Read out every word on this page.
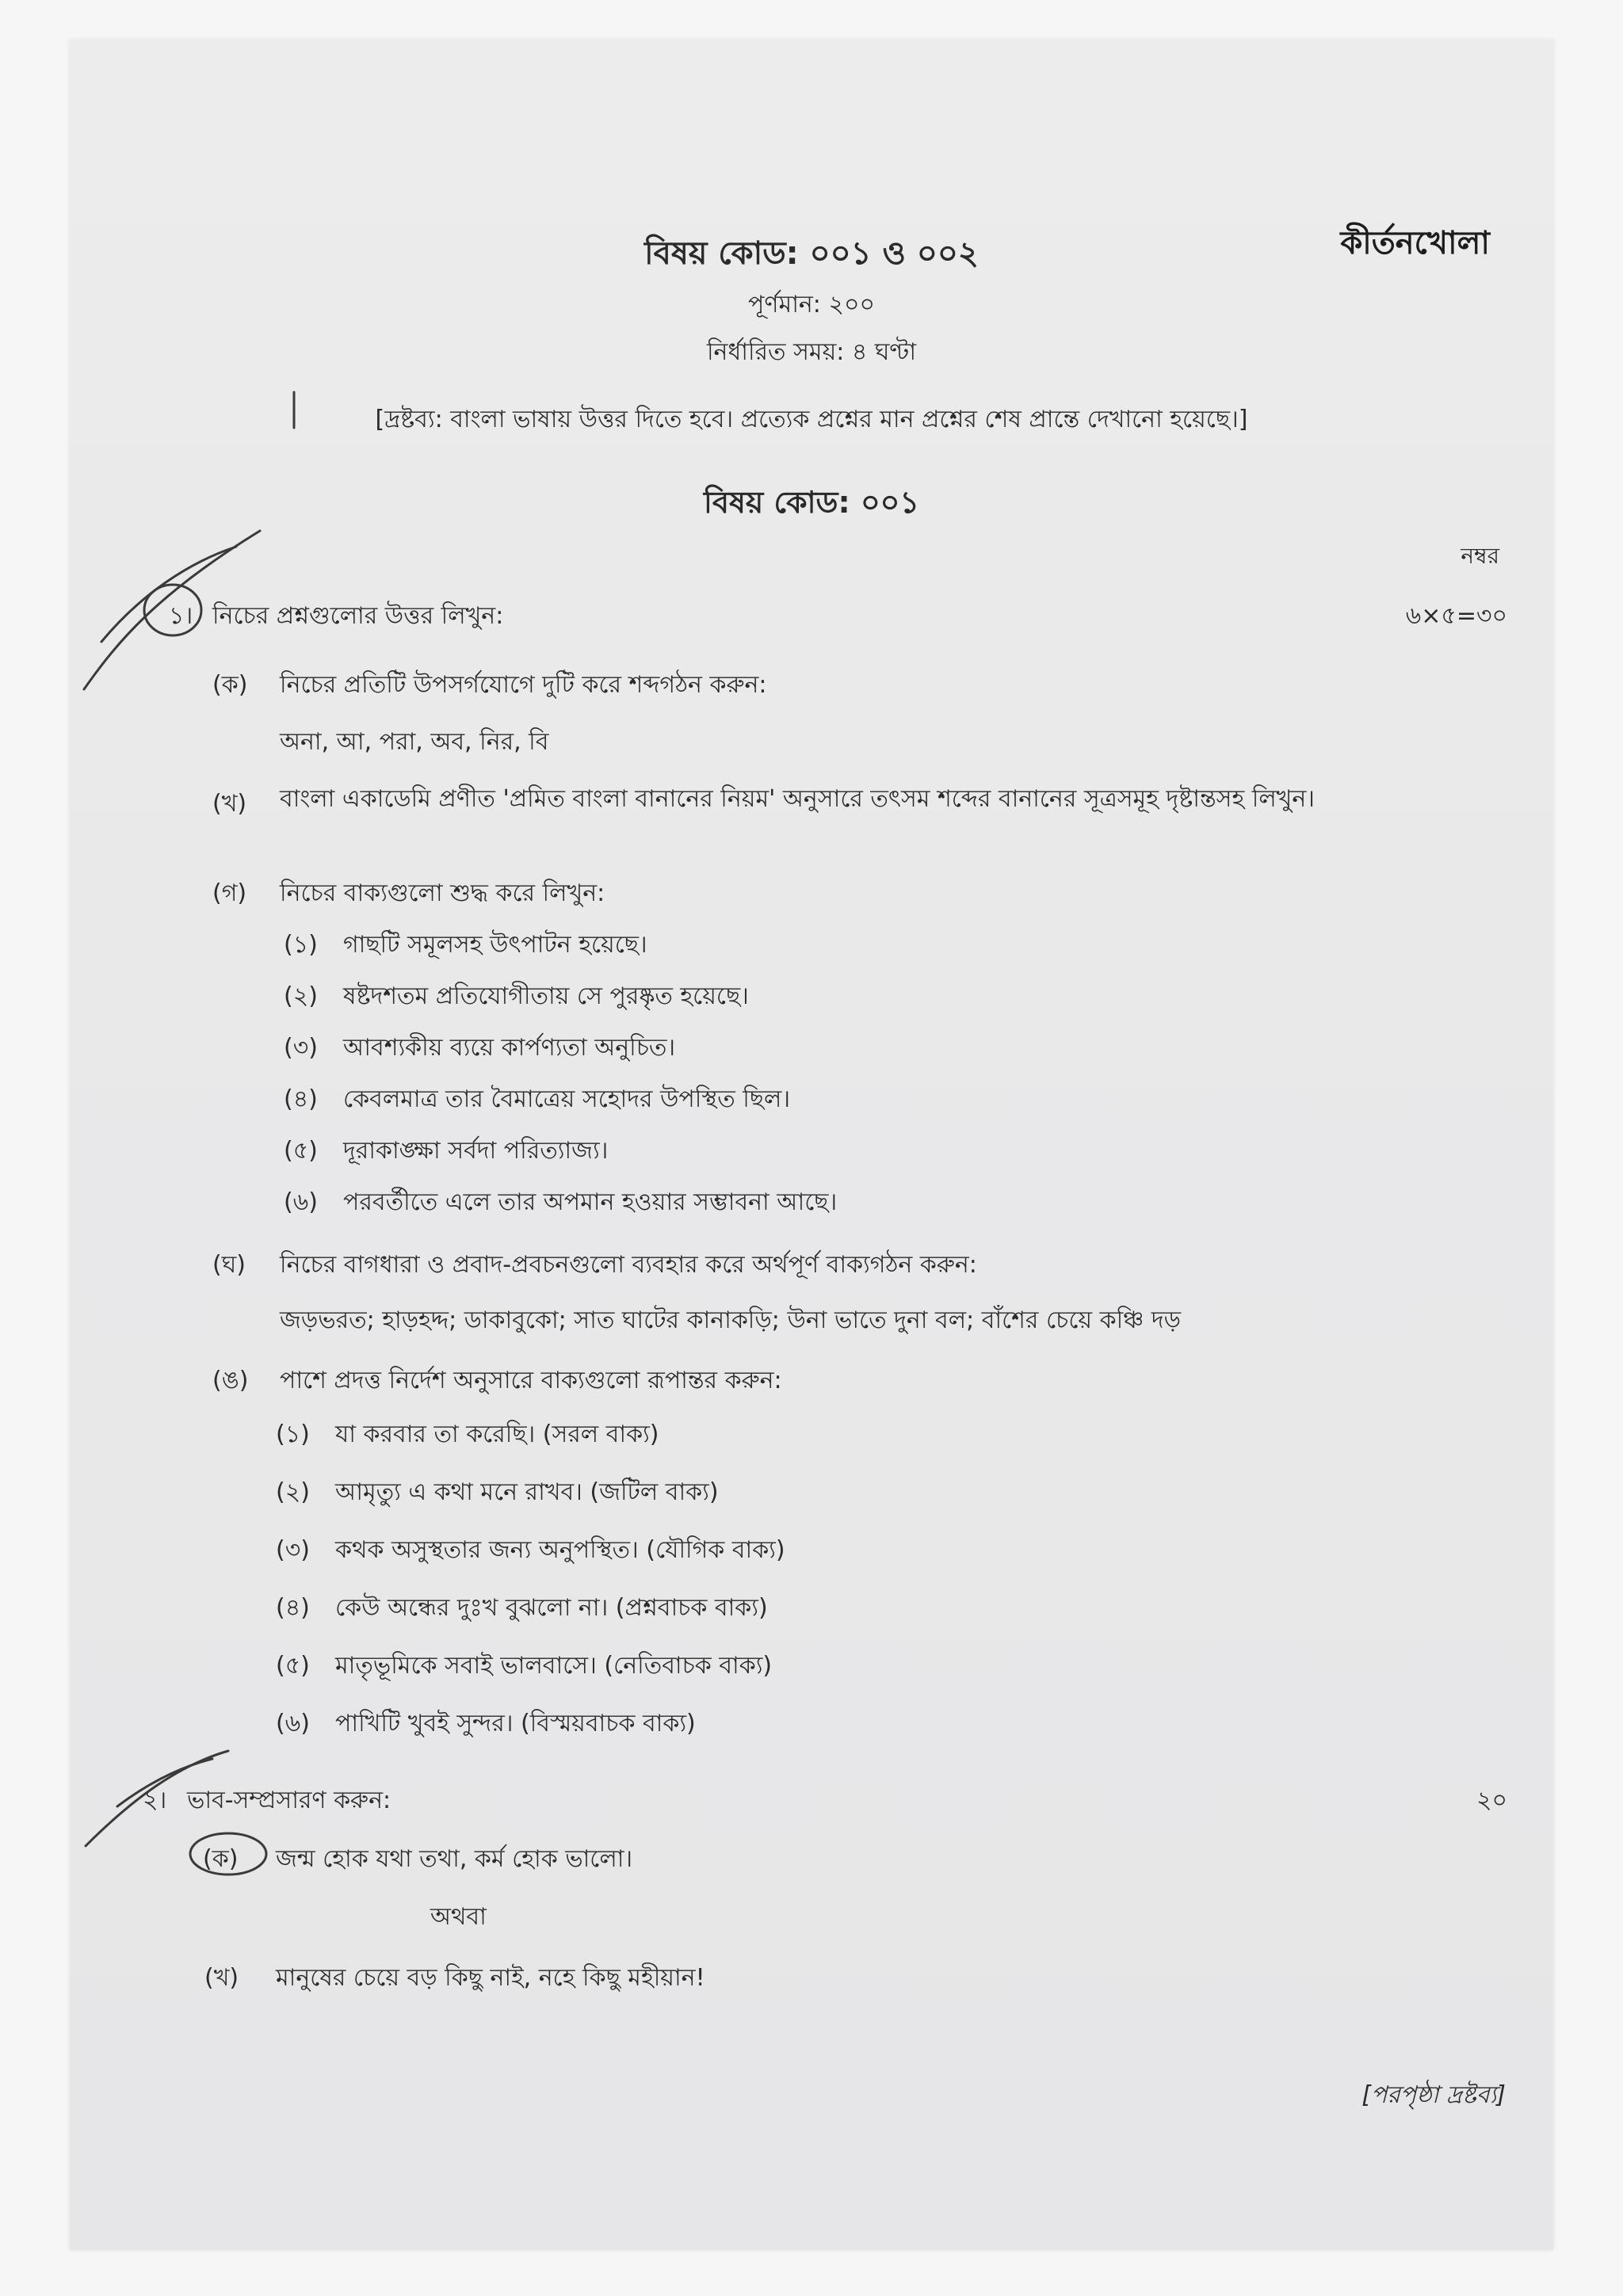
কীর্তনখোলা
বিষয় কোড: ০০১ ও ০০২
পূর্ণমান: ২০০
নির্ধারিত সময়: ৪ ঘণ্টা
[দ্রষ্টব্য: বাংলা ভাষায় উত্তর দিতে হবে। প্রত্যেক প্রশ্নের মান প্রশ্নের শেষ প্রান্তে দেখানো হয়েছে।]
বিষয় কোড: ০০১
নম্বর
১। নিচের প্রশ্নগুলোর উত্তর লিখুন:	৬×৫=৩০
(ক) নিচের প্রতিটি উপসর্গযোগে দুটি করে শব্দগঠন করুন:
অনা, আ, পরা, অব, নির, বি
(খ) বাংলা একাডেমি প্রণীত 'প্রমিত বাংলা বানানের নিয়ম' অনুসারে তৎসম শব্দের বানানের সূত্রসমূহ দৃষ্টান্তসহ লিখুন।
(গ) নিচের বাক্যগুলো শুদ্ধ করে লিখুন:
(১) গাছটি সমূলসহ উৎপাটন হয়েছে।
(২) ষষ্টদশতম প্রতিযোগীতায় সে পুরষ্কৃত হয়েছে।
(৩) আবশ্যকীয় ব্যয়ে কার্পণ্যতা অনুচিত।
(৪) কেবলমাত্র তার বৈমাত্রেয় সহোদর উপস্থিত ছিল।
(৫) দূরাকাঙ্ক্ষা সর্বদা পরিত্যাজ্য।
(৬) পরবর্তীতে এলে তার অপমান হওয়ার সম্ভাবনা আছে।
(ঘ) নিচের বাগধারা ও প্রবাদ-প্রবচনগুলো ব্যবহার করে অর্থপূর্ণ বাক্যগঠন করুন:
জড়ভরত; হাড়হদ্দ; ডাকাবুকো; সাত ঘাটের কানাকড়ি; উনা ভাতে দুনা বল; বাঁশের চেয়ে কঞ্চি দড়
(ঙ) পাশে প্রদত্ত নির্দেশ অনুসারে বাক্যগুলো রূপান্তর করুন:
(১) যা করবার তা করেছি। (সরল বাক্য)
(২) আমৃত্যু এ কথা মনে রাখব। (জটিল বাক্য)
(৩) কথক অসুস্থতার জন্য অনুপস্থিত। (যৌগিক বাক্য)
(৪) কেউ অন্ধের দুঃখ বুঝলো না। (প্রশ্নবাচক বাক্য)
(৫) মাতৃভূমিকে সবাই ভালবাসে। (নেতিবাচক বাক্য)
(৬) পাখিটি খুবই সুন্দর। (বিস্ময়বাচক বাক্য)
২। ভাব-সম্প্রসারণ করুন:	২০
(ক) জন্ম হোক যথা তথা, কর্ম হোক ভালো।
অথবা
(খ) মানুষের চেয়ে বড় কিছু নাই, নহে কিছু মহীয়ান!
[পরপৃষ্ঠা দ্রষ্টব্য]
